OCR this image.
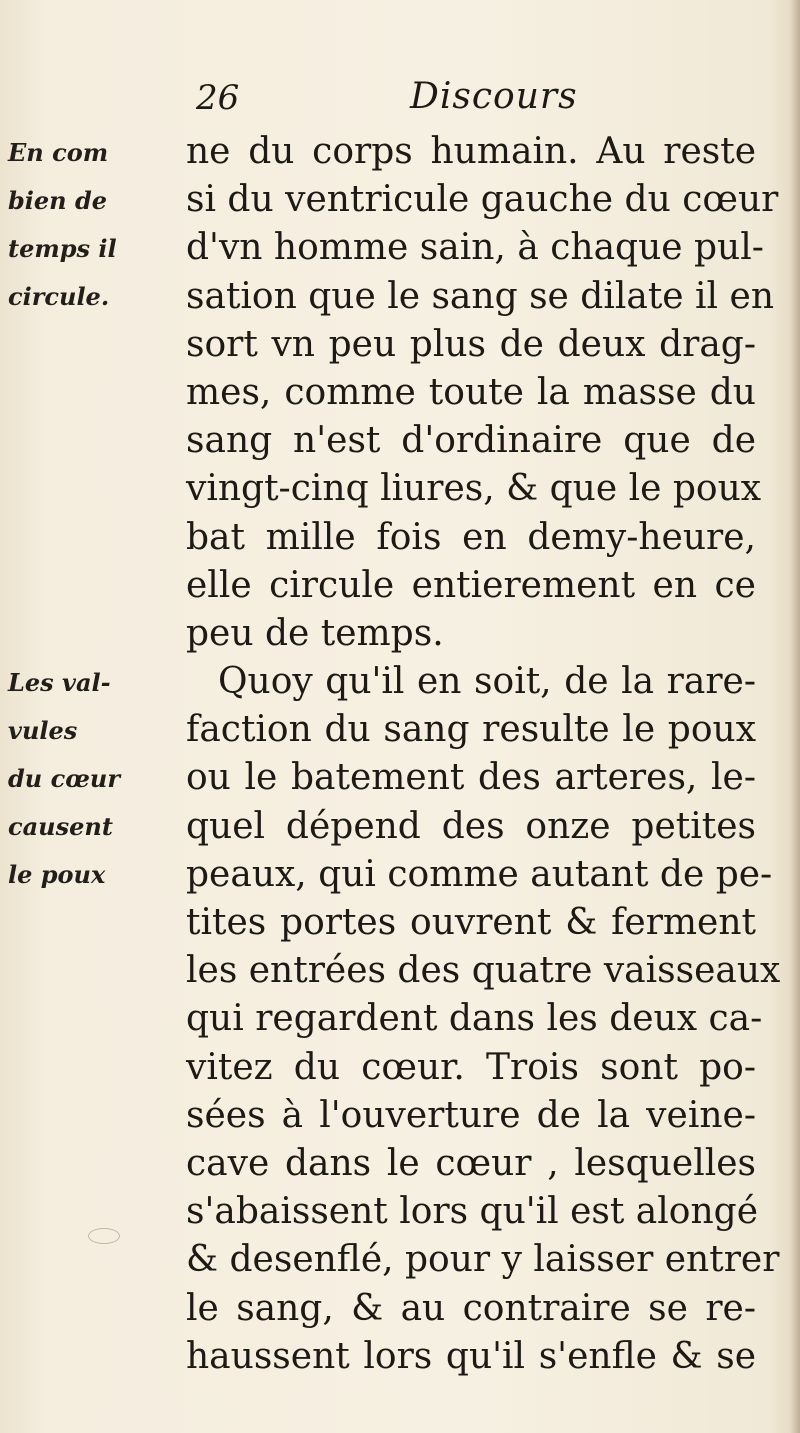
26	Discours
En com
bien de
temps il
circule.
Les val-
vules
du cœur
causent
le poux
ne du corps humain. Au reste
si du ventricule gauche du cœur
d'vn homme sain, à chaque pul-
sation que le sang se dilate il en
sort vn peu plus de deux drag-
mes, comme toute la masse du
sang n'est d'ordinaire que de
vingt-cinq liures, & que le poux
bat mille fois en demy-heure,
elle circule entierement en ce
peu de temps.
Quoy qu'il en soit, de la rare-
faction du sang resulte le poux
ou le batement des arteres, le-
quel dépend des onze petites
peaux, qui comme autant de pe-
tites portes ouvrent & ferment
les entrées des quatre vaisseaux
qui regardent dans les deux ca-
vitez du cœur. Trois sont po-
sées à l'ouverture de la veine-
cave dans le cœur , lesquelles
s'abaissent lors qu'il est alongé
& desenflé, pour y laisser entrer
le sang, & au contraire se re-
haussent lors qu'il s'enfle & se
